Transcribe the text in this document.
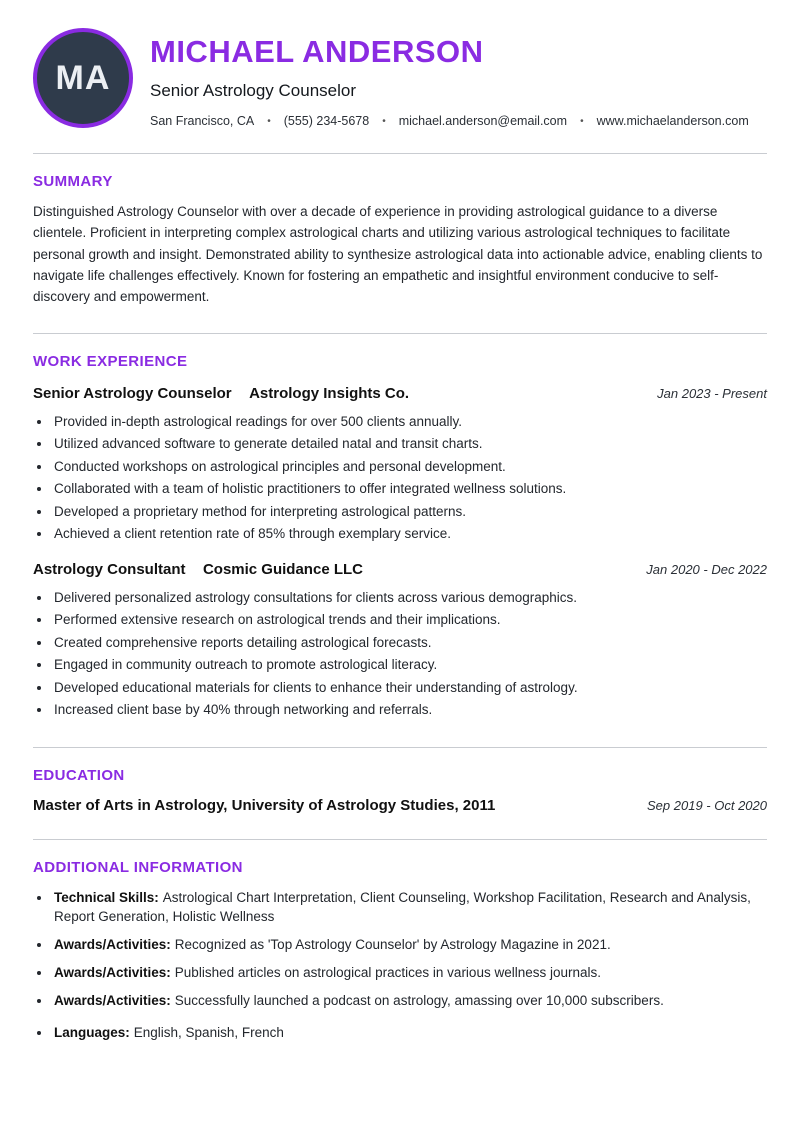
MA
MICHAEL ANDERSON
Senior Astrology Counselor
San Francisco, CA • (555) 234-5678 • michael.anderson@email.com • www.michaelanderson.com
SUMMARY

Distinguished Astrology Counselor with over a decade of experience in providing astrological guidance to a diverse clientele. Proficient in interpreting complex astrological charts and utilizing various astrological techniques to facilitate personal growth and insight. Demonstrated ability to synthesize astrological data into actionable advice, enabling clients to navigate life challenges effectively. Known for fostering an empathetic and insightful environment conducive to self-discovery and empowerment.

WORK EXPERIENCE
Senior Astrology Counselor Astrology Insights Co.	Jan 2023 - Present
• Provided in-depth astrological readings for over 500 clients annually.
• Utilized advanced software to generate detailed natal and transit charts.
• Conducted workshops on astrological principles and personal development.
• Collaborated with a team of holistic practitioners to offer integrated wellness solutions.
• Developed a proprietary method for interpreting astrological patterns.
• Achieved a client retention rate of 85% through exemplary service.
Astrology Consultant Cosmic Guidance LLC	Jan 2020 - Dec 2022
• Delivered personalized astrology consultations for clients across various demographics.
• Performed extensive research on astrological trends and their implications.
• Created comprehensive reports detailing astrological forecasts.
• Engaged in community outreach to promote astrological literacy.
• Developed educational materials for clients to enhance their understanding of astrology.
• Increased client base by 40% through networking and referrals.
EDUCATION
Master of Arts in Astrology, University of Astrology Studies, 2011	Sep 2019 - Oct 2020
ADDITIONAL INFORMATION
• Technical Skills: Astrological Chart Interpretation, Client Counseling, Workshop Facilitation, Research and Analysis, Report Generation, Holistic Wellness
• Awards/Activities: Recognized as 'Top Astrology Counselor' by Astrology Magazine in 2021.
• Awards/Activities: Published articles on astrological practices in various wellness journals.
• Awards/Activities: Successfully launched a podcast on astrology, amassing over 10,000 subscribers.
• Languages: English, Spanish, French
